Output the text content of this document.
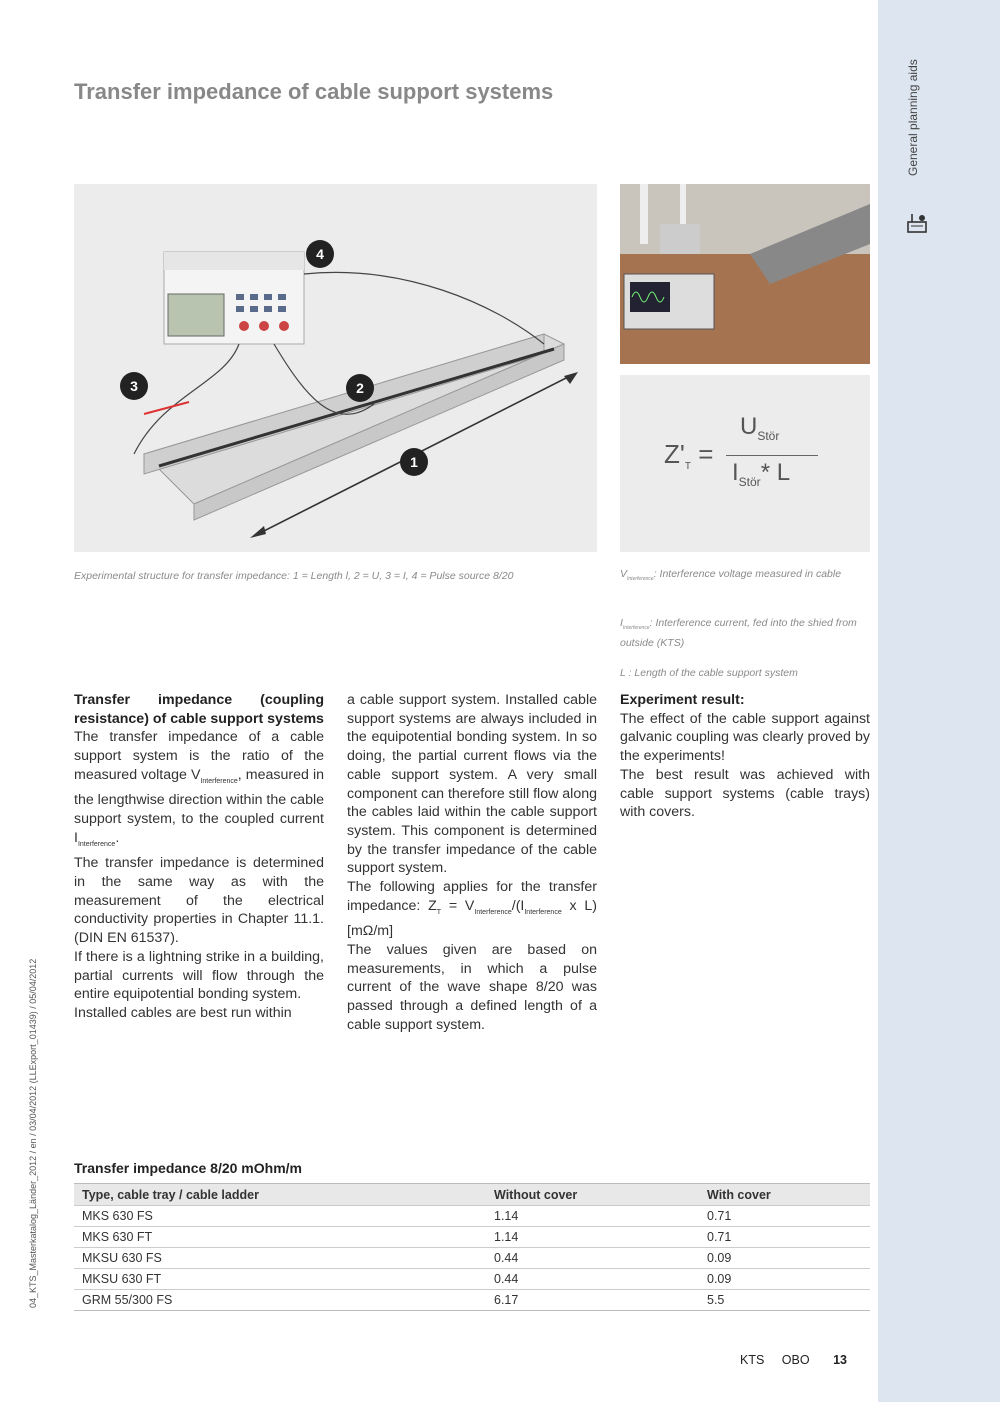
General planning aids
04_KTS_Masterkatalog_Länder_2012 / en / 03/04/2012 (LLExport_01439) / 05/04/2012
Transfer impedance of cable support systems
4
3	2
1	$Z'_T$ =
$U_{Stör}$
$I_{Stör}*$ L
Experimental structure for transfer impedance: 1 = Length l, 2 = U, 3 = I, 4 = Pulse source 8/20	$V_{Interference}$: Interference voltage measured in cable
$I_{Interference}$: Interference current, fed into the shied from outside (KTS)
L : Length of the cable support system

Transfer impedance (coupling resistance) of cable support systems

The transfer impedance of a cable support system is the ratio of the measured voltage $V_{Interference}$, measured in the lengthwise direction within the cable support system, to the coupled current $I_{Interference}$.

The transfer impedance is determined in the same way as with the measurement of the electrical conductivity properties in Chapter 11.1. (DIN EN 61537).

If there is a lightning strike in a building, partial currents will flow through the entire equipotential bonding system.

Installed cables are best run within

a cable support system. Installed cable support systems are always included in the equipotential bonding system. In so doing, the partial current flows via the cable support system. A very small component can therefore still flow along the cables laid within the cable support system. This component is determined by the transfer impedance of the cable support system.

The following applies for the transfer impedance: $Z_T = V_{Interference}/(I_{Interference}$ x L) [mΩ/m]

The values given are based on measurements, in which a pulse current of the wave shape 8/20 was passed through a defined length of a cable support system.

Experiment result:

The effect of the cable support against galvanic coupling was clearly proved by the experiments!

The best result was achieved with cable support systems (cable trays) with covers.

Transfer impedance 8/20 mOhm/m
Type, cable tray / cable ladder	Without cover	With cover
MKS 630 FS	1.14	0.71
MKS 630 FT	1.14	0.71
MKSU 630 FS	0.44	0.09
MKSU 630 FT	0.44	0.09
GRM 55/300 FS	6.17	5.5
KTS OBO 13
